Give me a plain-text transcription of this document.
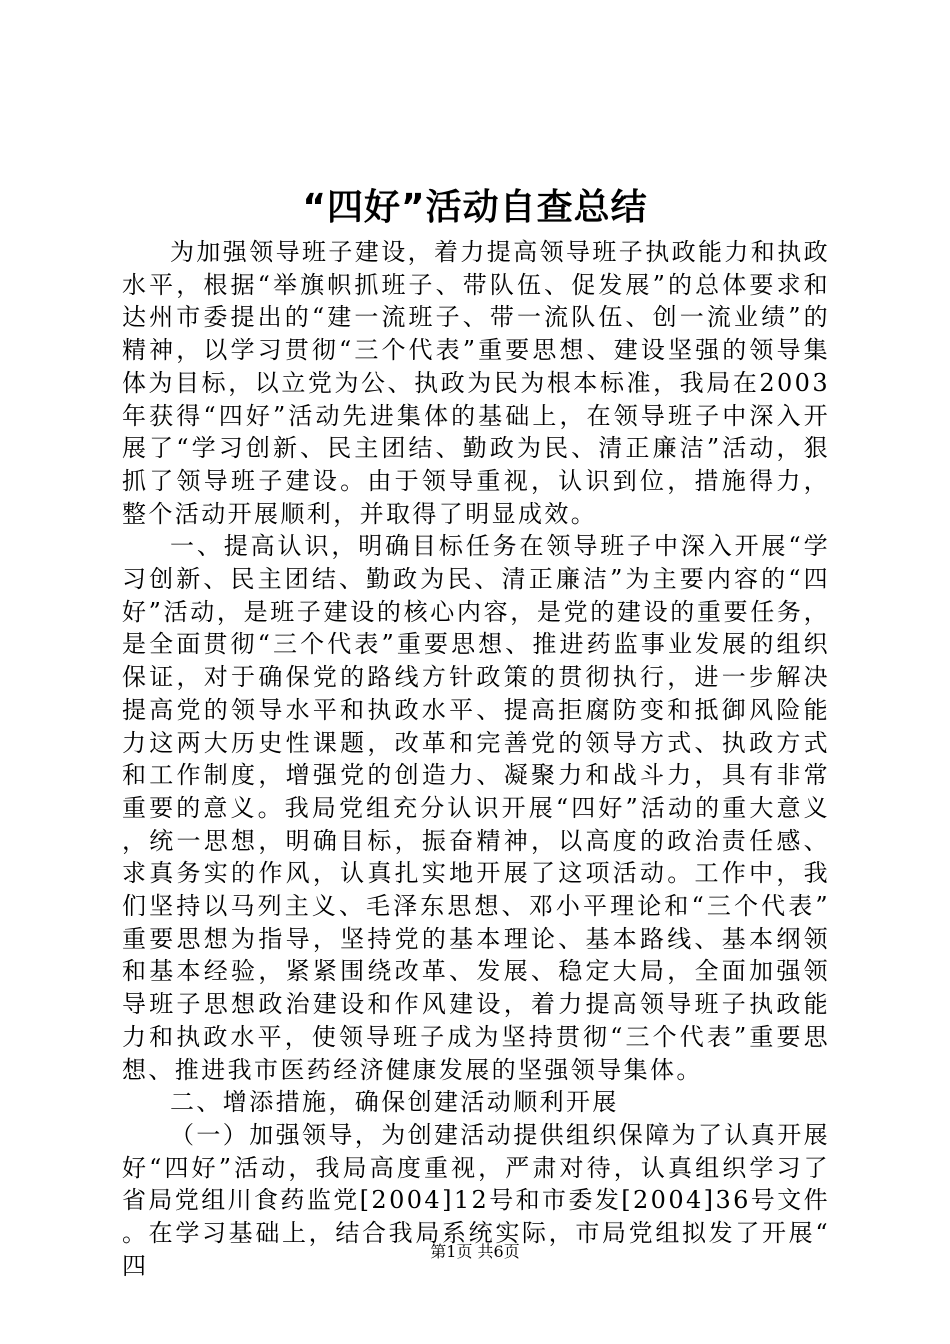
“四好”活动自查总结

为加强领导班子建设，着力提高领导班子执政能力和执政水平，根据“举旗帜抓班子、带队伍、促发展”的总体要求和达州市委提出的“建一流班子、带一流队伍、创一流业绩”的精神，以学习贯彻“三个代表”重要思想、建设坚强的领导集体为目标，以立党为公、执政为民为根本标准，我局在2003年获得“四好”活动先进集体的基础上，在领导班子中深入开展了“学习创新、民主团结、勤政为民、清正廉洁”活动，狠抓了领导班子建设。由于领导重视，认识到位，措施得力，整个活动开展顺利，并取得了明显成效。

一、提高认识，明确目标任务在领导班子中深入开展“学习创新、民主团结、勤政为民、清正廉洁”为主要内容的“四好”活动，是班子建设的核心内容，是党的建设的重要任务，是全面贯彻“三个代表”重要思想、推进药监事业发展的组织保证，对于确保党的路线方针政策的贯彻执行，进一步解决提高党的领导水平和执政水平、提高拒腐防变和抵御风险能力这两大历史性课题，改革和完善党的领导方式、执政方式和工作制度，增强党的创造力、凝聚力和战斗力，具有非常重要的意义。我局党组充分认识开展“四好”活动的重大意义，统一思想，明确目标，振奋精神，以高度的政治责任感、求真务实的作风，认真扎实地开展了这项活动。工作中，我们坚持以马列主义、毛泽东思想、邓小平理论和“三个代表”重要思想为指导，坚持党的基本理论、基本路线、基本纲领和基本经验，紧紧围绕改革、发展、稳定大局，全面加强领导班子思想政治建设和作风建设，着力提高领导班子执政能力和执政水平，使领导班子成为坚持贯彻“三个代表”重要思想、推进我市医药经济健康发展的坚强领导集体。

二、增添措施，确保创建活动顺利开展

（一）加强领导，为创建活动提供组织保障为了认真开展好“四好”活动，我局高度重视，严肃对待，认真组织学习了省局党组川食药监党[2004]12号和市委发[2004]36号文件。在学习基础上，结合我局系统实际，市局党组拟发了开展“四

第1页 共6页
